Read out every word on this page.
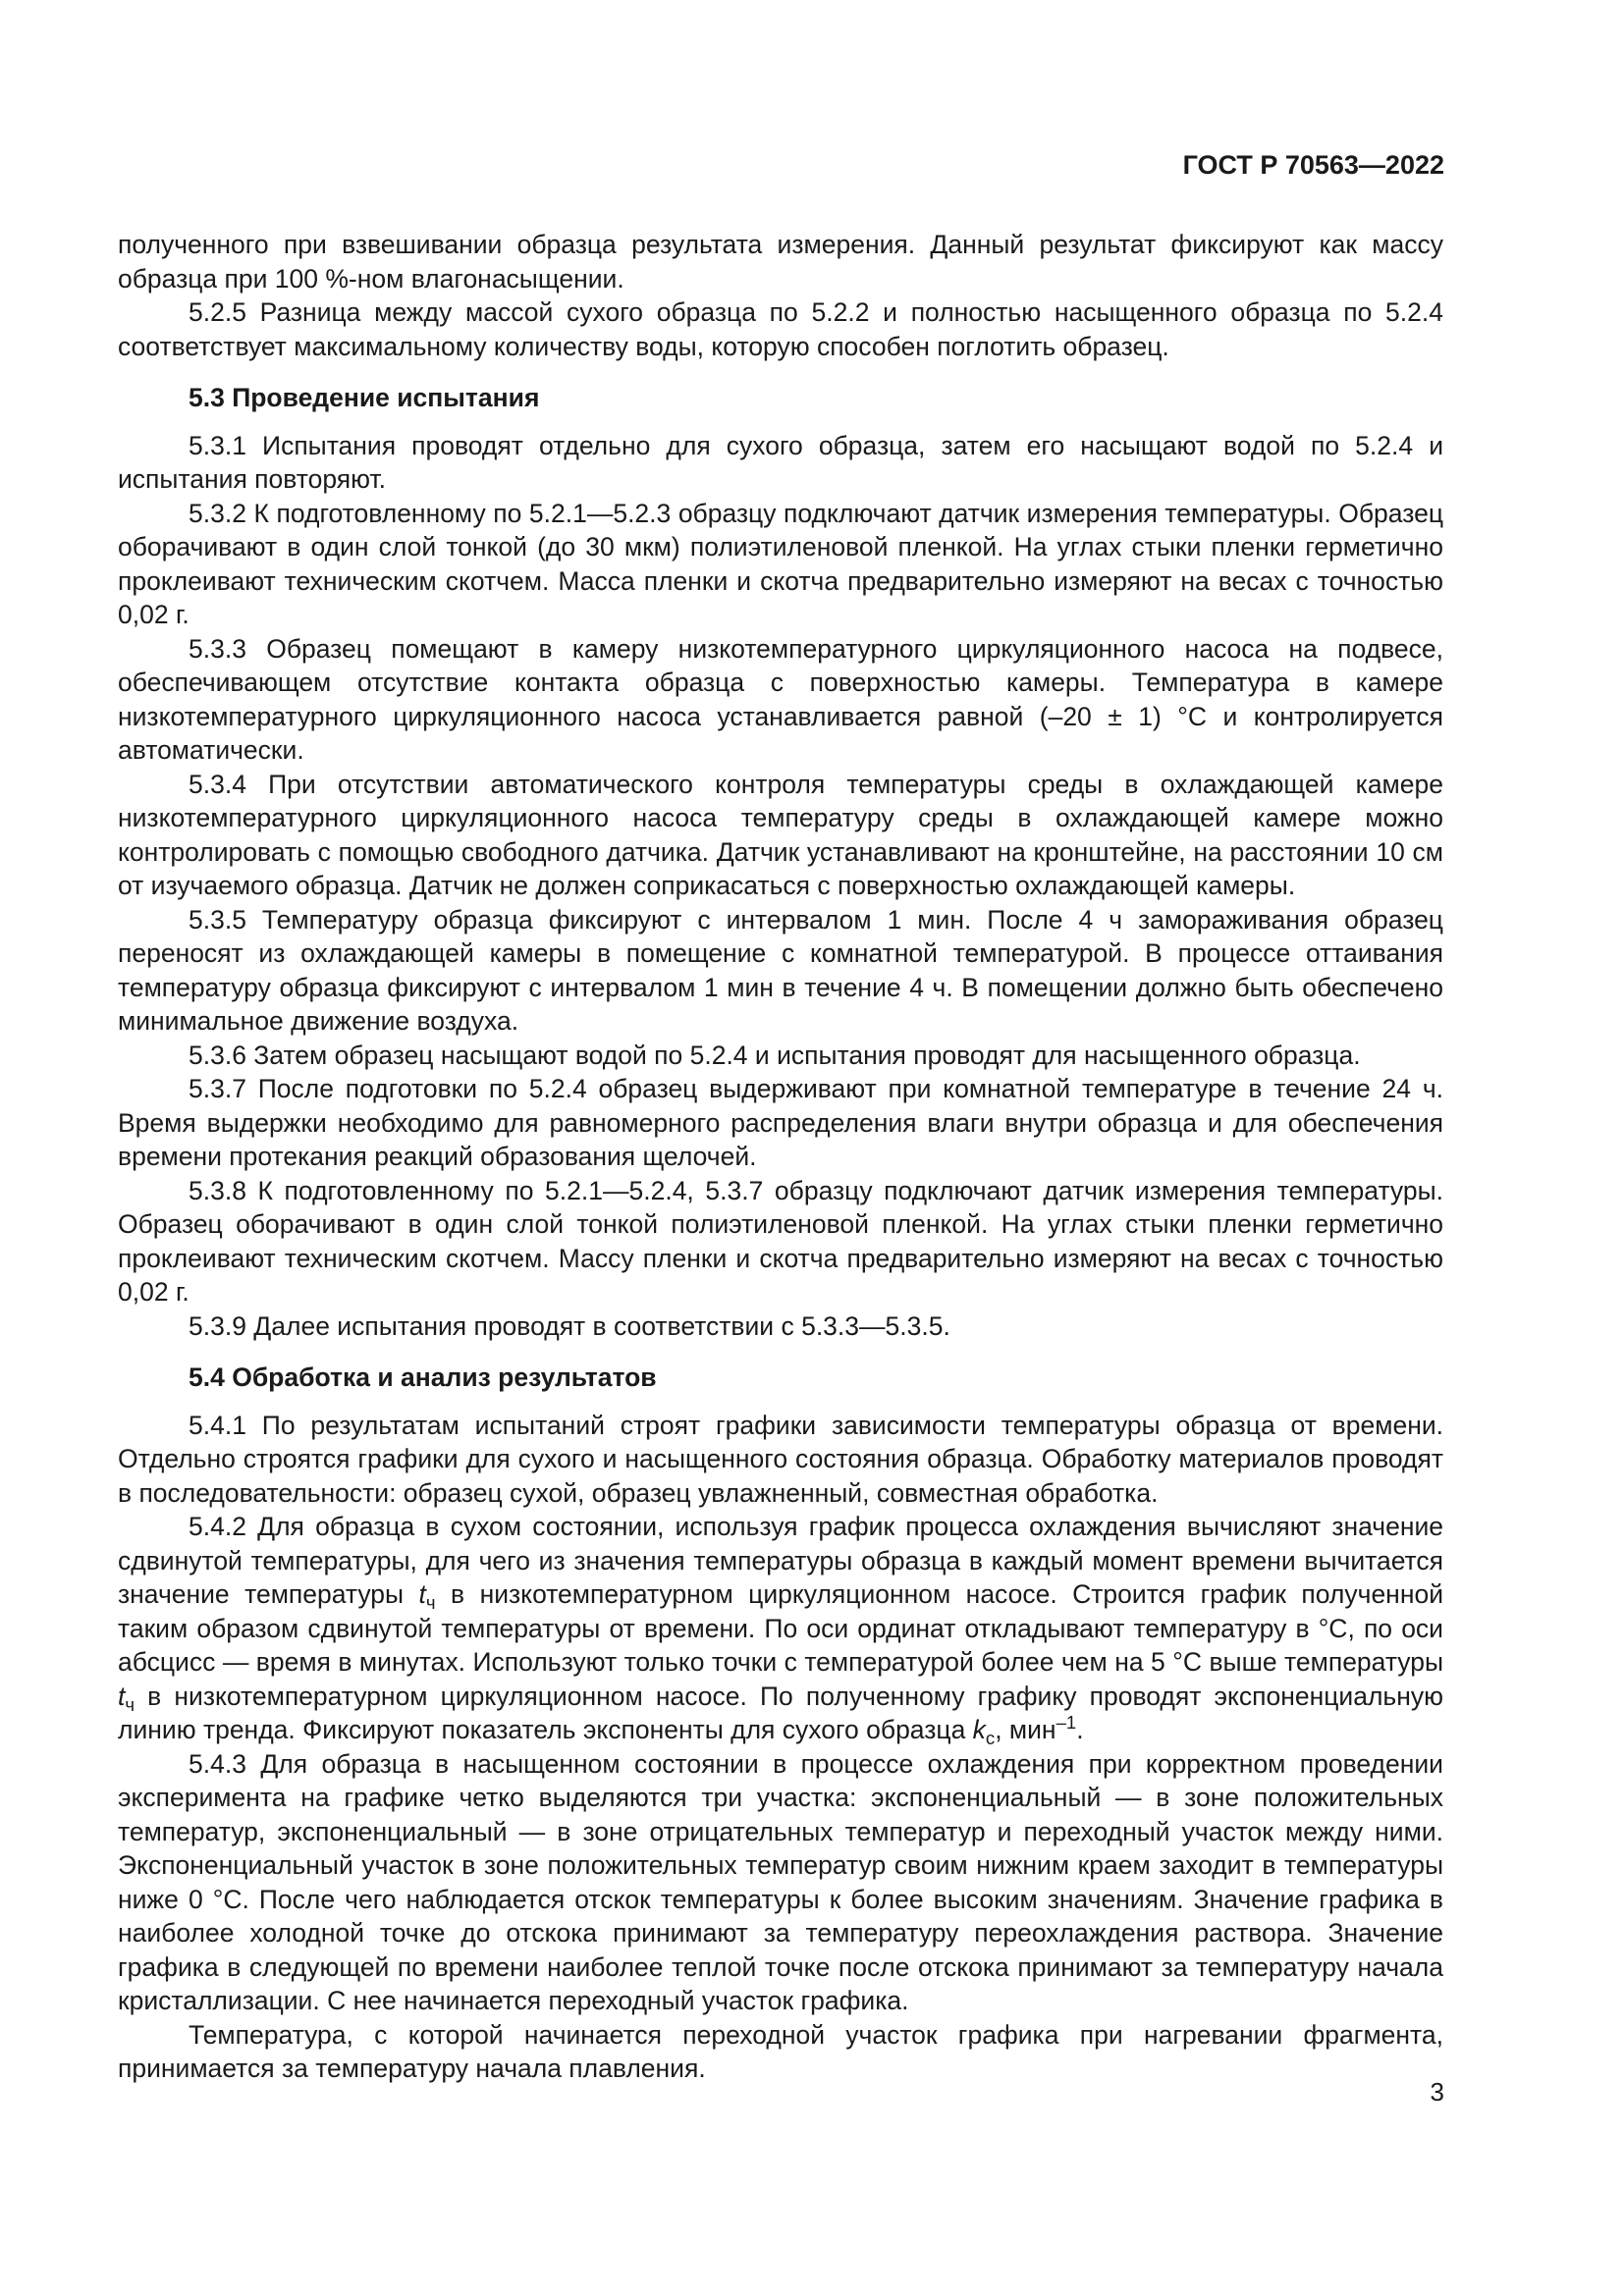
ГОСТ Р 70563—2022

полученного при взвешивании образца результата измерения. Данный результат фиксируют как массу образца при 100 %-ном влагонасыщении.

5.2.5 Разница между массой сухого образца по 5.2.2 и полностью насыщенного образца по 5.2.4 соответствует максимальному количеству воды, которую способен поглотить образец.

5.3 Проведение испытания

5.3.1 Испытания проводят отдельно для сухого образца, затем его насыщают водой по 5.2.4 и испытания повторяют.

5.3.2 К подготовленному по 5.2.1—5.2.3 образцу подключают датчик измерения температуры. Образец оборачивают в один слой тонкой (до 30 мкм) полиэтиленовой пленкой. На углах стыки пленки герметично проклеивают техническим скотчем. Масса пленки и скотча предварительно измеряют на весах с точностью 0,02 г.

5.3.3 Образец помещают в камеру низкотемпературного циркуляционного насоса на подвесе, обеспечивающем отсутствие контакта образца с поверхностью камеры. Температура в камере низкотемпературного циркуляционного насоса устанавливается равной (–20 ± 1) °С и контролируется автоматически.

5.3.4 При отсутствии автоматического контроля температуры среды в охлаждающей камере низкотемпературного циркуляционного насоса температуру среды в охлаждающей камере можно контролировать с помощью свободного датчика. Датчик устанавливают на кронштейне, на расстоянии 10 см от изучаемого образца. Датчик не должен соприкасаться с поверхностью охлаждающей камеры.

5.3.5 Температуру образца фиксируют с интервалом 1 мин. После 4 ч замораживания образец переносят из охлаждающей камеры в помещение с комнатной температурой. В процессе оттаивания температуру образца фиксируют с интервалом 1 мин в течение 4 ч. В помещении должно быть обеспечено минимальное движение воздуха.

5.3.6 Затем образец насыщают водой по 5.2.4 и испытания проводят для насыщенного образца.

5.3.7 После подготовки по 5.2.4 образец выдерживают при комнатной температуре в течение 24 ч. Время выдержки необходимо для равномерного распределения влаги внутри образца и для обеспечения времени протекания реакций образования щелочей.

5.3.8 К подготовленному по 5.2.1—5.2.4, 5.3.7 образцу подключают датчик измерения температуры. Образец оборачивают в один слой тонкой полиэтиленовой пленкой. На углах стыки пленки герметично проклеивают техническим скотчем. Массу пленки и скотча предварительно измеряют на весах с точностью 0,02 г.

5.3.9 Далее испытания проводят в соответствии с 5.3.3—5.3.5.

5.4 Обработка и анализ результатов

5.4.1 По результатам испытаний строят графики зависимости температуры образца от времени. Отдельно строятся графики для сухого и насыщенного состояния образца. Обработку материалов проводят в последовательности: образец сухой, образец увлажненный, совместная обработка.

5.4.2 Для образца в сухом состоянии, используя график процесса охлаждения вычисляют значение сдвинутой температуры, для чего из значения температуры образца в каждый момент времени вычитается значение температуры $t_ч$ в низкотемпературном циркуляционном насосе. Строится график полученной таким образом сдвинутой температуры от времени. По оси ординат откладывают температуру в °С, по оси абсцисс — время в минутах. Используют только точки с температурой более чем на 5 °С выше температуры $t_ч$ в низкотемпературном циркуляционном насосе. По полученному графику проводят экспоненциальную линию тренда. Фиксируют показатель экспоненты для сухого образца $k_с$, мин$^{-1}$.

5.4.3 Для образца в насыщенном состоянии в процессе охлаждения при корректном проведении эксперимента на графике четко выделяются три участка: экспоненциальный — в зоне положительных температур, экспоненциальный — в зоне отрицательных температур и переходный участок между ними. Экспоненциальный участок в зоне положительных температур своим нижним краем заходит в температуры ниже 0 °С. После чего наблюдается отскок температуры к более высоким значениям. Значение графика в наиболее холодной точке до отскока принимают за температуру переохлаждения раствора. Значение графика в следующей по времени наиболее теплой точке после отскока принимают за температуру начала кристаллизации. С нее начинается переходный участок графика.

Температура, с которой начинается переходной участок графика при нагревании фрагмента, принимается за температуру начала плавления.

3
